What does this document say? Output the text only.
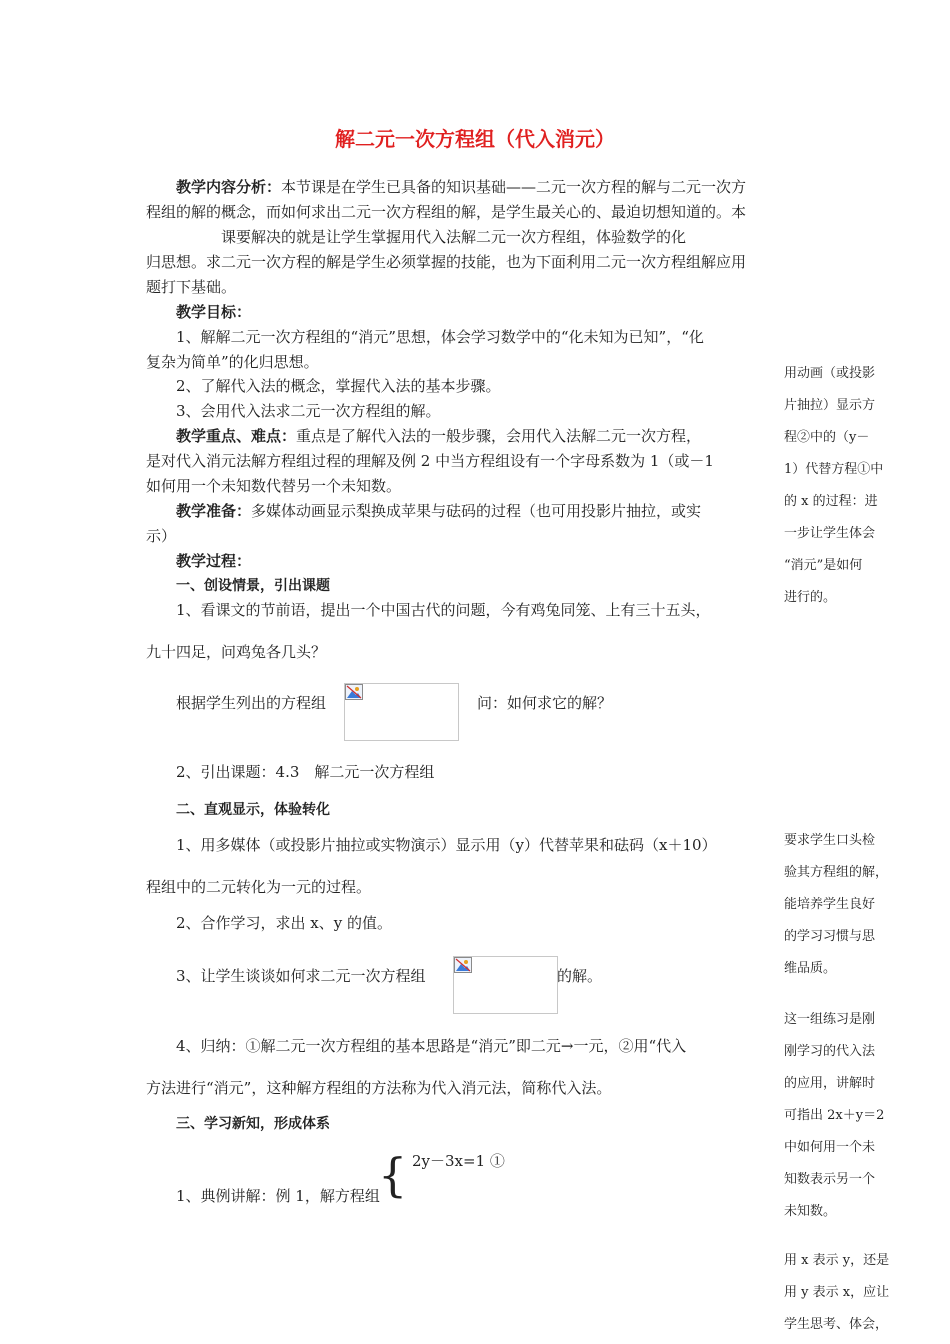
解二元一次方程组（代入消元）
教学内容分析：本节课是在学生已具备的知识基础——二元一次方程的解与二元一次方
程组的解的概念，而如何求出二元一次方程组的解，是学生最关心的、最迫切想知道的。本
课要解决的就是让学生掌握用代入法解二元一次方程组，体验数学的化
归思想。求二元一次方程的解是学生必须掌握的技能，也为下面利用二元一次方程组解应用
题打下基础。
教学目标：
1、解解二元一次方程组的“消元”思想，体会学习数学中的“化未知为已知”，“化
复杂为简单”的化归思想。
2、了解代入法的概念，掌握代入法的基本步骤。
3、会用代入法求二元一次方程组的解。
教学重点、难点：重点是了解代入法的一般步骤，会用代入法解二元一次方程，
是对代入消元法解方程组过程的理解及例 2 中当方程组设有一个字母系数为 1（或－1
如何用一个未知数代替另一个未知数。
教学准备：多媒体动画显示梨换成苹果与砝码的过程（也可用投影片抽拉，或实
示）
教学过程：
一、创设情景，引出课题
1、看课文的节前语，提出一个中国古代的问题，今有鸡兔同笼、上有三十五头，
九十四足，问鸡兔各几头？
根据学生列出的方程组	问：如何求它的解？
2、引出课题：4.3　解二元一次方程组
二、直观显示，体验转化
1、用多媒体（或投影片抽拉或实物演示）显示用（y）代替苹果和砝码（x＋10）
程组中的二元转化为一元的过程。
2、合作学习，求出 x、y 的值。
3、让学生谈谈如何求二元一次方程组	的解。
4、归纳：①解二元一次方程组的基本思路是“消元”即二元→一元，②用“代入
方法进行“消元”，这种解方程组的方法称为代入消元法，简称代入法。
三、学习新知，形成体系
2y－3x=1 ①
{
1、典例讲解：例 1，解方程组
用动画（或投影
片抽拉）显示方
程②中的（y－
1）代替方程①中
的 x 的过程：进
一步让学生体会
“消元”是如何
进行的。
要求学生口头检
验其方程组的解，
能培养学生良好
的学习习惯与思
维品质。
这一组练习是刚
刚学习的代入法
的应用，讲解时
可指出 2x＋y＝2
中如何用一个未
知数表示另一个
未知数。
用 x 表示 y，还是
用 y 表示 x，应让
学生思考、体会，
